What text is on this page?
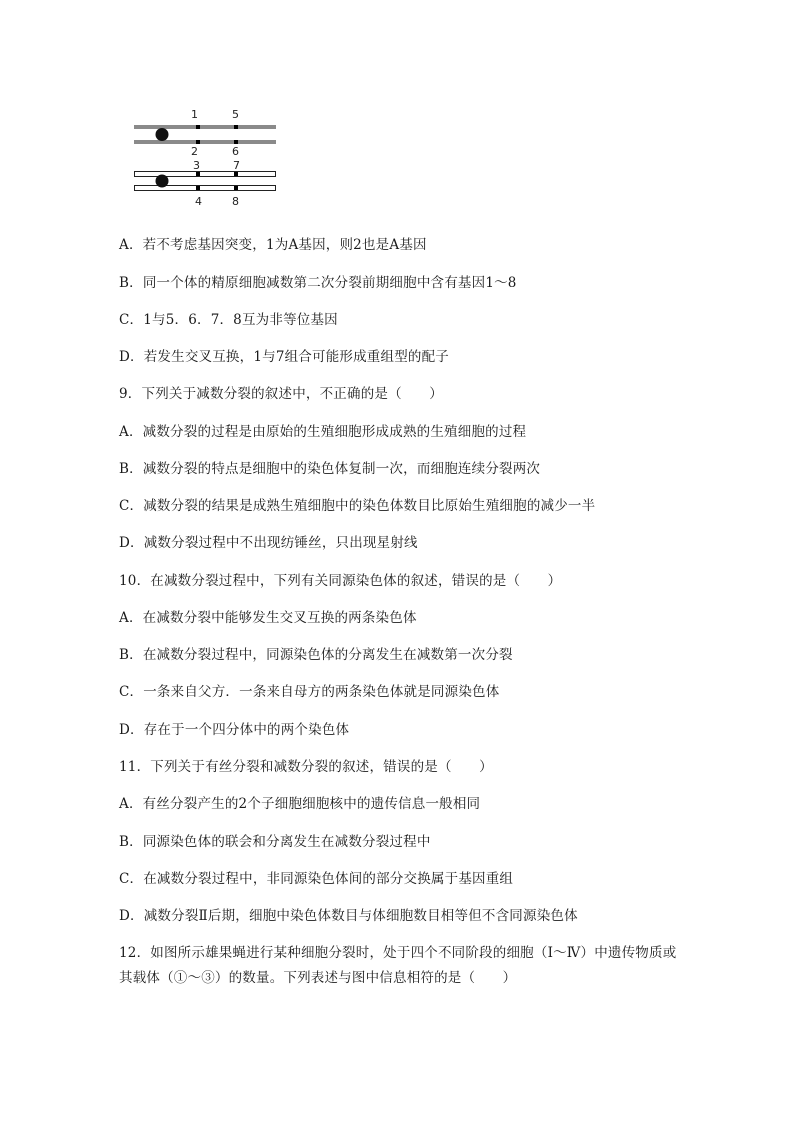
1	5
2	6
3	7
4	8
A．若不考虑基因突变，1为A基因，则2也是A基因
B．同一个体的精原细胞减数第二次分裂前期细胞中含有基因1～8
C．1与5．6．7．8互为非等位基因
D．若发生交叉互换，1与7组合可能形成重组型的配子
9．下列关于减数分裂的叙述中，不正确的是（　　）
A．减数分裂的过程是由原始的生殖细胞形成成熟的生殖细胞的过程
B．减数分裂的特点是细胞中的染色体复制一次，而细胞连续分裂两次
C．减数分裂的结果是成熟生殖细胞中的染色体数目比原始生殖细胞的减少一半
D．减数分裂过程中不出现纺锤丝，只出现星射线
10．在减数分裂过程中，下列有关同源染色体的叙述，错误的是（　　）
A．在减数分裂中能够发生交叉互换的两条染色体
B．在减数分裂过程中，同源染色体的分离发生在减数第一次分裂
C．一条来自父方．一条来自母方的两条染色体就是同源染色体
D．存在于一个四分体中的两个染色体
11．下列关于有丝分裂和减数分裂的叙述，错误的是（　　）
A．有丝分裂产生的2个子细胞细胞核中的遗传信息一般相同
B．同源染色体的联会和分离发生在减数分裂过程中
C．在减数分裂过程中，非同源染色体间的部分交换属于基因重组
D．减数分裂Ⅱ后期，细胞中染色体数目与体细胞数目相等但不含同源染色体
12．如图所示雄果蝇进行某种细胞分裂时，处于四个不同阶段的细胞（Ⅰ～Ⅳ）中遗传物质或其载体（①～③）的数量。下列表述与图中信息相符的是（　　）
